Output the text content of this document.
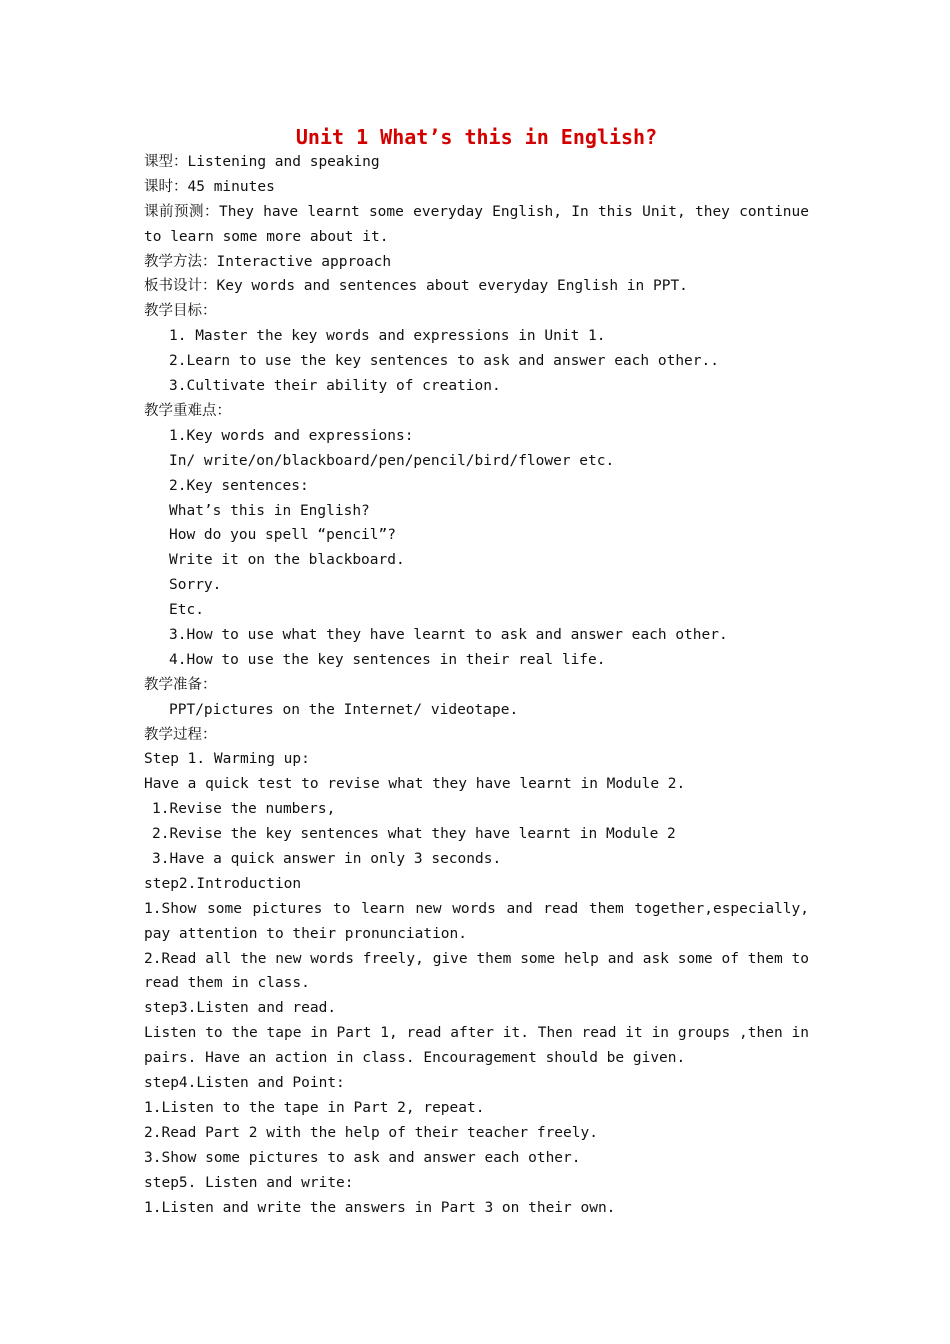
Unit 1 What’s this in English?
课型：Listening and speaking
课时：45 minutes
课前预测：They have learnt some everyday English, In this Unit, they continue to learn some more about it.
教学方法：Interactive approach
板书设计：Key words and sentences about everyday English in PPT.
教学目标：
1. Master the key words and expressions in Unit 1.
2.Learn to use the key sentences to ask and answer each other..
3.Cultivate their ability of creation.
教学重难点：
1.Key words and expressions:
In/ write/on/blackboard/pen/pencil/bird/flower etc.
2.Key sentences:
What’s this in English?
How do you spell “pencil”?
Write it on the blackboard.
Sorry.
Etc.
3.How to use what they have learnt to ask and answer each other.
4.How to use the key sentences in their real life.
教学准备：
PPT/pictures on the Internet/ videotape.
教学过程：
Step 1. Warming up:
Have a quick test to revise what they have learnt in Module 2.
1.Revise the numbers,
2.Revise the key sentences what they have learnt in Module 2
3.Have a quick answer in only 3 seconds.
step2.Introduction
1.Show some pictures to learn new words and read them together,especially, pay attention to their pronunciation.
2.Read all the new words freely, give them some help and ask some of them to read them in class.
step3.Listen and read.
Listen to the tape in Part 1, read after it. Then read it in groups ,then in pairs. Have an action in class. Encouragement should be given.
step4.Listen and Point:
1.Listen to the tape in Part 2, repeat.
2.Read Part 2 with the help of their teacher freely.
3.Show some pictures to ask and answer each other.
step5. Listen and write:
1.Listen and write the answers in Part 3 on their own.
